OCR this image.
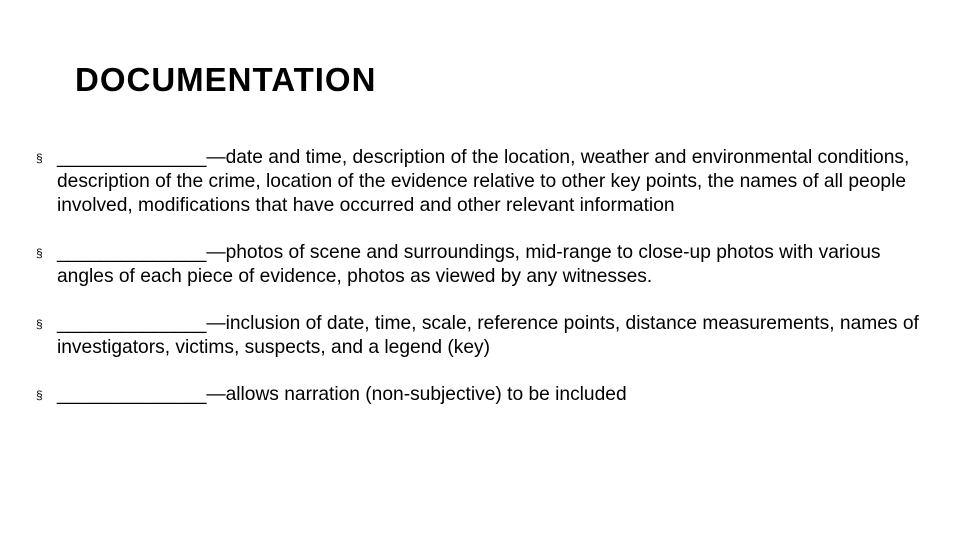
DOCUMENTATION
§ ______________—date and time, description of the location, weather and environmental conditions, description of the crime, location of the evidence relative to other key points, the names of all people involved, modifications that have occurred and other relevant information
§ ______________—photos of scene and surroundings, mid-range to close-up photos with various angles of each piece of evidence, photos as viewed by any witnesses.
§ ______________—inclusion of date, time, scale, reference points, distance measurements, names of investigators, victims, suspects, and a legend (key)
§ ______________—allows narration (non-subjective) to be included
